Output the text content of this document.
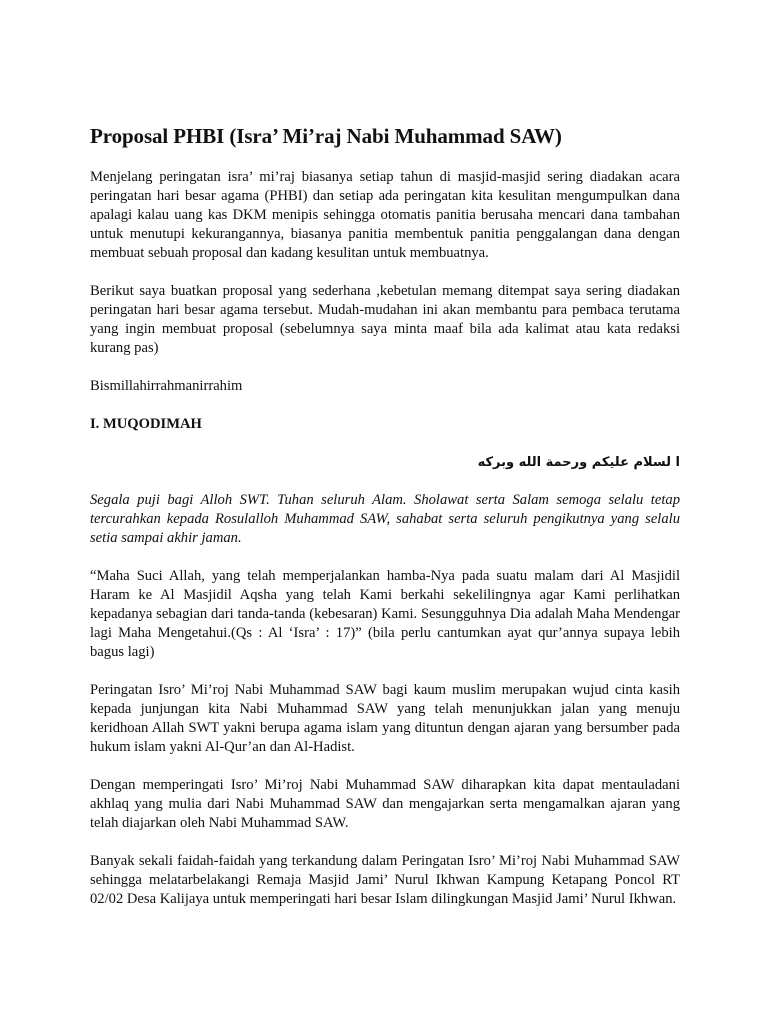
Proposal PHBI (Isra’ Mi’raj Nabi Muhammad SAW)

Menjelang peringatan isra’ mi’raj biasanya setiap tahun di masjid-masjid sering diadakan acara peringatan hari besar agama (PHBI) dan setiap ada peringatan kita kesulitan mengumpulkan dana apalagi kalau uang kas DKM menipis sehingga otomatis panitia berusaha mencari dana tambahan untuk menutupi kekurangannya, biasanya panitia membentuk panitia penggalangan dana dengan membuat sebuah proposal dan kadang kesulitan untuk membuatnya.

Berikut saya buatkan proposal yang sederhana ,kebetulan memang ditempat saya sering diadakan peringatan hari besar agama tersebut. Mudah-mudahan ini akan membantu para pembaca terutama yang ingin membuat proposal (sebelumnya saya minta maaf bila ada kalimat atau kata redaksi kurang pas)

Bismillahirrahmanirrahim

I. MUQODIMAH

ا لسلام عليكم ورحمة الله وبركه

Segala puji bagi Alloh SWT. Tuhan seluruh Alam. Sholawat serta Salam semoga selalu tetap tercurahkan kepada Rosulalloh Muhammad SAW, sahabat serta seluruh pengikutnya yang selalu setia sampai akhir jaman.

“Maha Suci Allah, yang telah memperjalankan hamba-Nya pada suatu malam dari Al Masjidil Haram ke Al Masjidil Aqsha yang telah Kami berkahi sekelilingnya agar Kami perlihatkan kepadanya sebagian dari tanda-tanda (kebesaran) Kami. Sesungguhnya Dia adalah Maha Mendengar lagi Maha Mengetahui.(Qs : Al ‘Isra’ : 17)” (bila perlu cantumkan ayat qur’annya supaya lebih bagus lagi)

Peringatan Isro’ Mi’roj Nabi Muhammad SAW bagi kaum muslim merupakan wujud cinta kasih kepada junjungan kita Nabi Muhammad SAW yang telah menunjukkan jalan yang menuju keridhoan Allah SWT yakni berupa agama islam yang dituntun dengan ajaran yang bersumber pada hukum islam yakni Al-Qur’an dan Al-Hadist.

Dengan memperingati Isro’ Mi’roj Nabi Muhammad SAW diharapkan kita dapat mentauladani akhlaq yang mulia dari Nabi Muhammad SAW dan mengajarkan serta mengamalkan ajaran yang telah diajarkan oleh Nabi Muhammad SAW.

Banyak sekali faidah-faidah yang terkandung dalam Peringatan Isro’ Mi’roj Nabi Muhammad SAW sehingga melatarbelakangi Remaja Masjid Jami’ Nurul Ikhwan Kampung Ketapang Poncol RT 02/02 Desa Kalijaya untuk memperingati hari besar Islam dilingkungan Masjid Jami’ Nurul Ikhwan.
